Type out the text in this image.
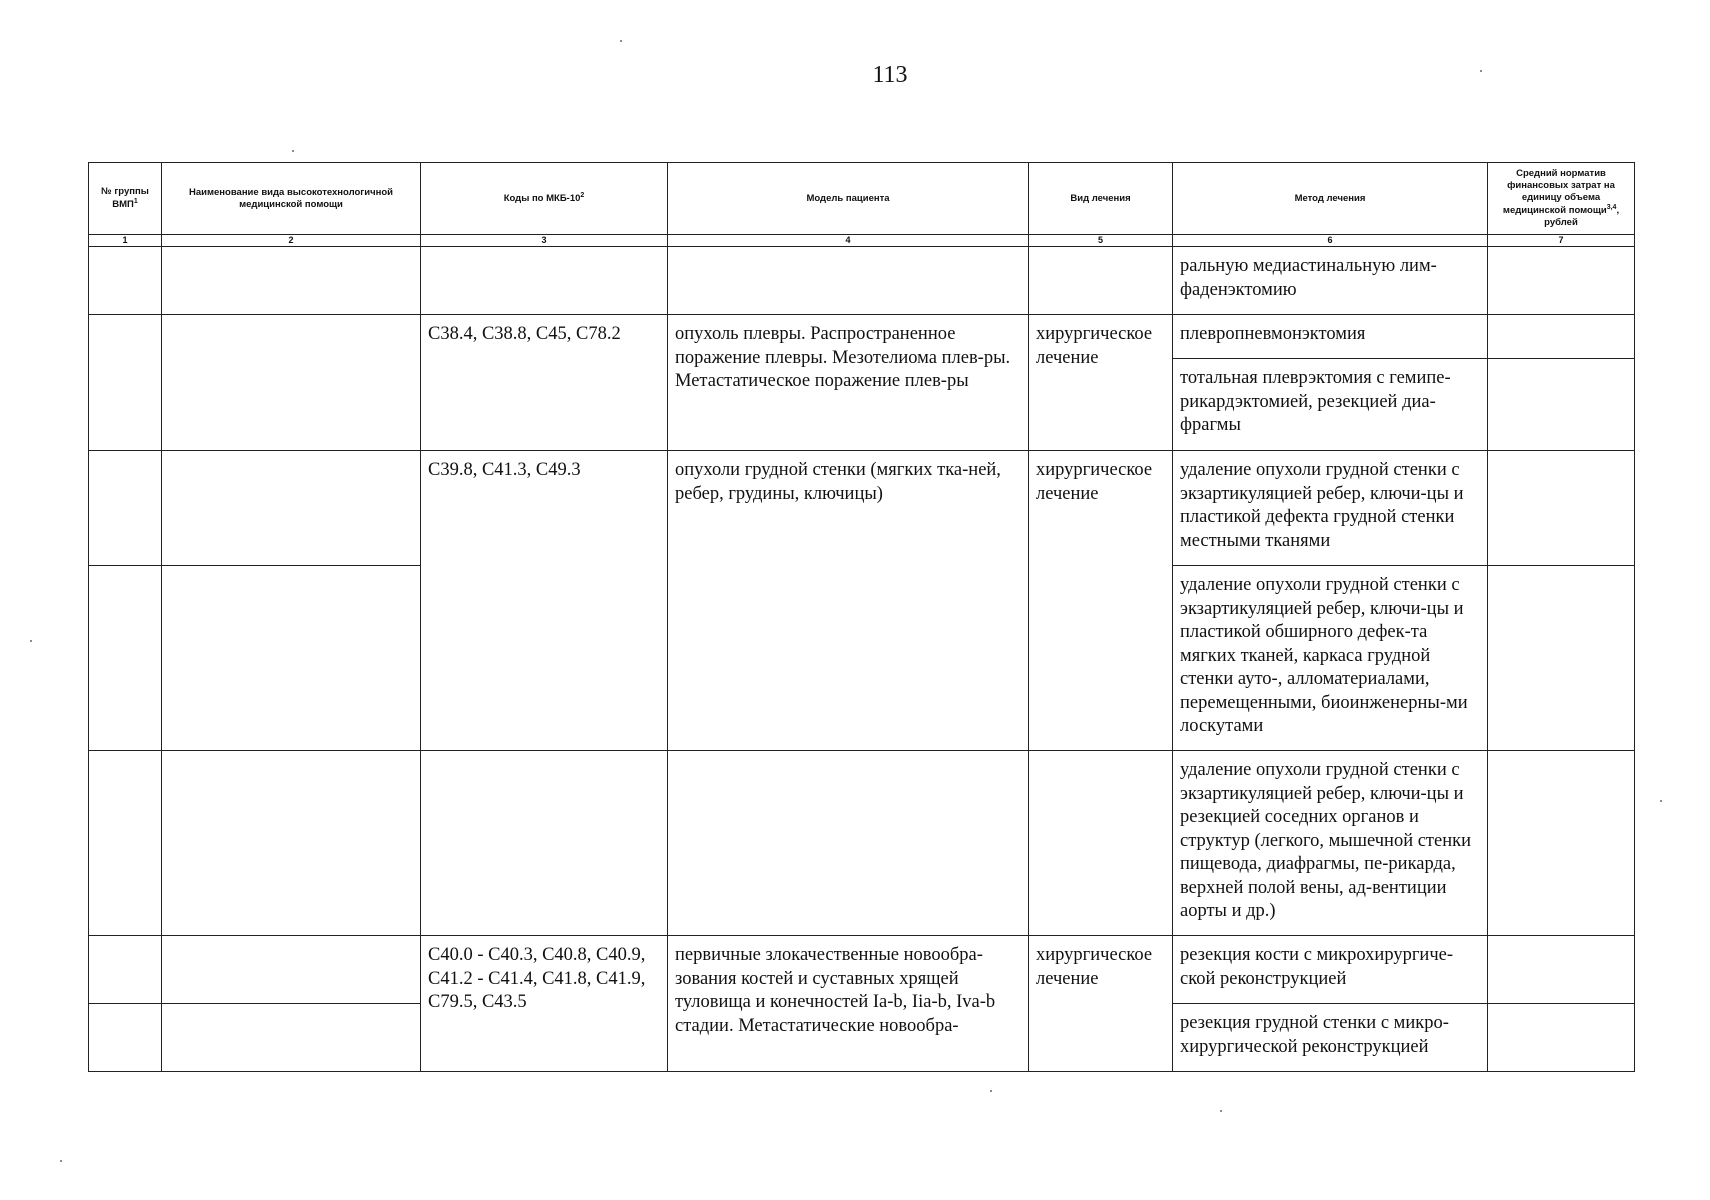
113
№ группы ВМП$^1$	Наименование вида высокотехнологичной медицинской помощи	Коды по МКБ-$10^2$	Модель пациента	Вид лечения	Метод лечения	Средний норматив финансовых затрат на единицу объема медицинской помощи$^{3,4}$, рублей
1	2	3	4	5	6	7
					ральную медиастинальную лим-фаденэктомию	
		C38.4, C38.8, C45, C78.2	опухоль плевры. Распространенное поражение плевры. Мезотелиома плев-ры. Метастатическое поражение плев-ры	хирургическое лечение	плевропневмонэктомия	
					тотальная плеврэктомия с гемипе-рикардэктомией, резекцией диа-фрагмы	
		C39.8, C41.3, C49.3	опухоли грудной стенки (мягких тка-ней, ребер, грудины, ключицы)	хирургическое лечение	удаление опухоли грудной стенки с экзартикуляцией ребер, ключи-цы и пластикой дефекта грудной стенки местными тканями	
					удаление опухоли грудной стенки с экзартикуляцией ребер, ключи-цы и пластикой обширного дефек-та мягких тканей, каркаса грудной стенки ауто-, алломатериалами, перемещенными, биоинженерны-ми лоскутами	
					удаление опухоли грудной стенки с экзартикуляцией ребер, ключи-цы и резекцией соседних органов и структур (легкого, мышечной стенки пищевода, диафрагмы, пе-рикарда, верхней полой вены, ад-вентиции аорты и др.)	
		C40.0 - C40.3, C40.8, C40.9, C41.2 - C41.4, C41.8, C41.9, C79.5, C43.5	первичные злокачественные новообра-зования костей и суставных хрящей туловища и конечностей Ia-b, Iia-b, Iva-b стадии. Метастатические новообра-	хирургическое лечение	резекция кости с микрохирургиче-ской реконструкцией	
					резекция грудной стенки с микро-хирургической реконструкцией	
